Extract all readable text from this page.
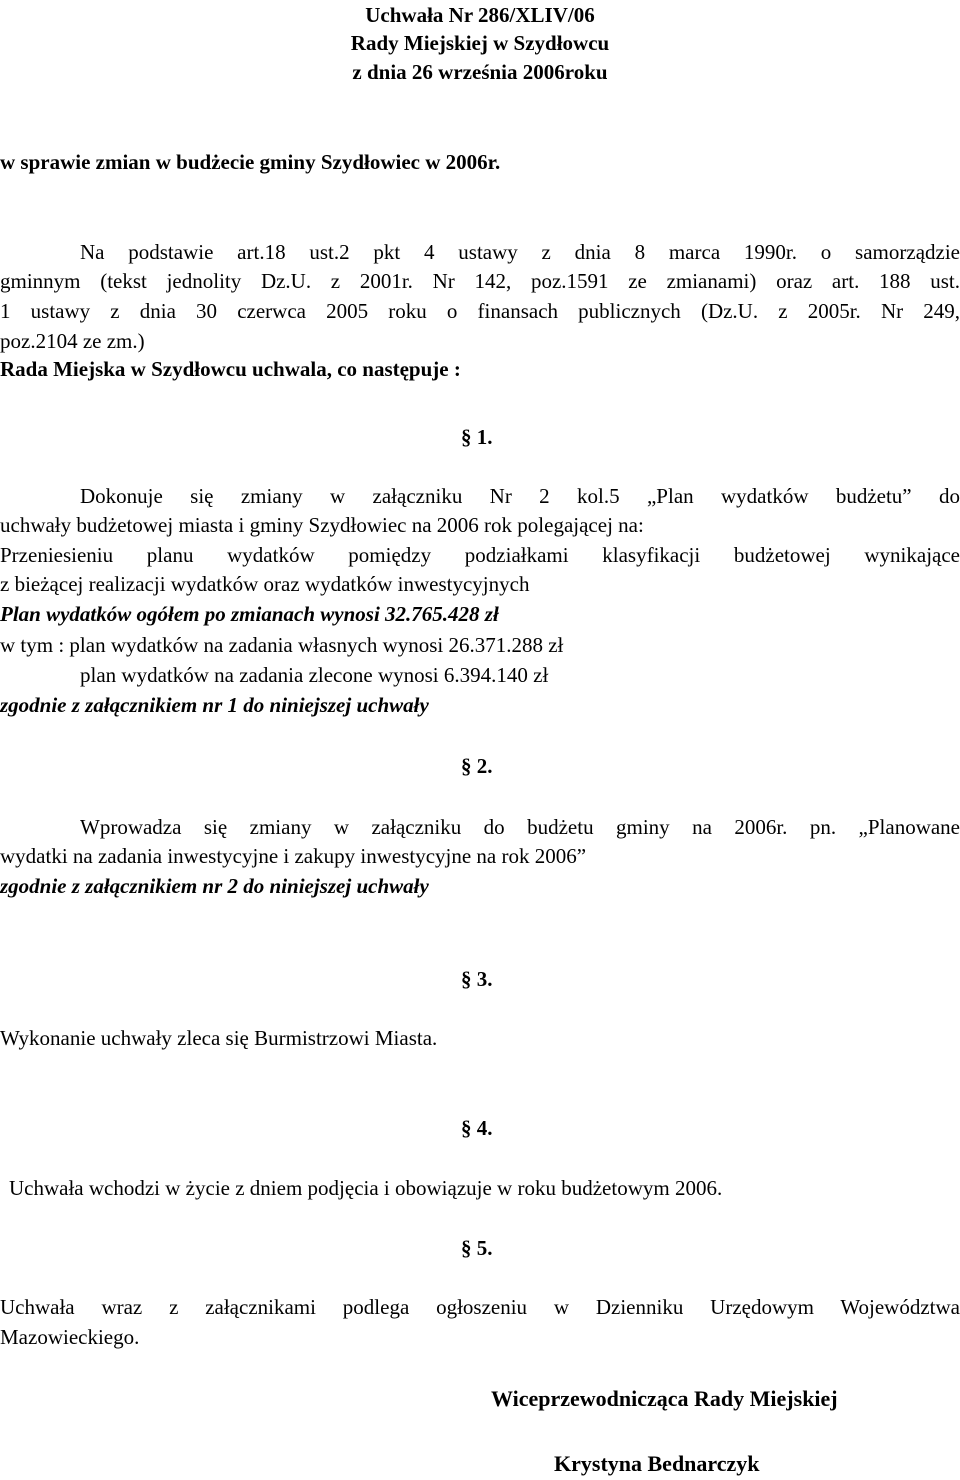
Uchwała Nr 286/XLIV/06
Rady Miejskiej w Szydłowcu
z dnia 26 września 2006roku
w sprawie zmian w budżecie gminy Szydłowiec w 2006r.
Na podstawie art.18 ust.2 pkt 4 ustawy z dnia 8 marca 1990r. o samorządzie
gminnym (tekst jednolity Dz.U. z 2001r. Nr 142, poz.1591 ze zmianami) oraz art. 188 ust.
1 ustawy z dnia 30 czerwca 2005 roku o finansach publicznych (Dz.U. z 2005r. Nr 249,
poz.2104 ze zm.)
Rada Miejska w Szydłowcu uchwala, co następuje :
§ 1.
Dokonuje się zmiany w załączniku Nr 2 kol.5 „Plan wydatków budżetu” do
uchwały budżetowej miasta i gminy Szydłowiec na 2006 rok polegającej na:
Przeniesieniu planu wydatków pomiędzy podziałkami klasyfikacji budżetowej wynikające
z bieżącej realizacji wydatków oraz wydatków inwestycyjnych
Plan wydatków ogółem po zmianach wynosi 32.765.428 zł
w tym : plan wydatków na zadania własnych wynosi 26.371.288 zł
plan wydatków na zadania zlecone wynosi 6.394.140 zł
zgodnie z załącznikiem nr 1 do niniejszej uchwały
§ 2.
Wprowadza się zmiany w załączniku do budżetu gminy na 2006r. pn. „Planowane
wydatki na zadania inwestycyjne i zakupy inwestycyjne na rok 2006”
zgodnie z załącznikiem nr 2 do niniejszej uchwały
§ 3.
Wykonanie uchwały zleca się Burmistrzowi Miasta.
§ 4.
Uchwała wchodzi w życie z dniem podjęcia i obowiązuje w roku budżetowym 2006.
§ 5.
Uchwała wraz z załącznikami podlega ogłoszeniu w Dzienniku Urzędowym Województwa
Mazowieckiego.
Wiceprzewodnicząca Rady Miejskiej
Krystyna Bednarczyk
